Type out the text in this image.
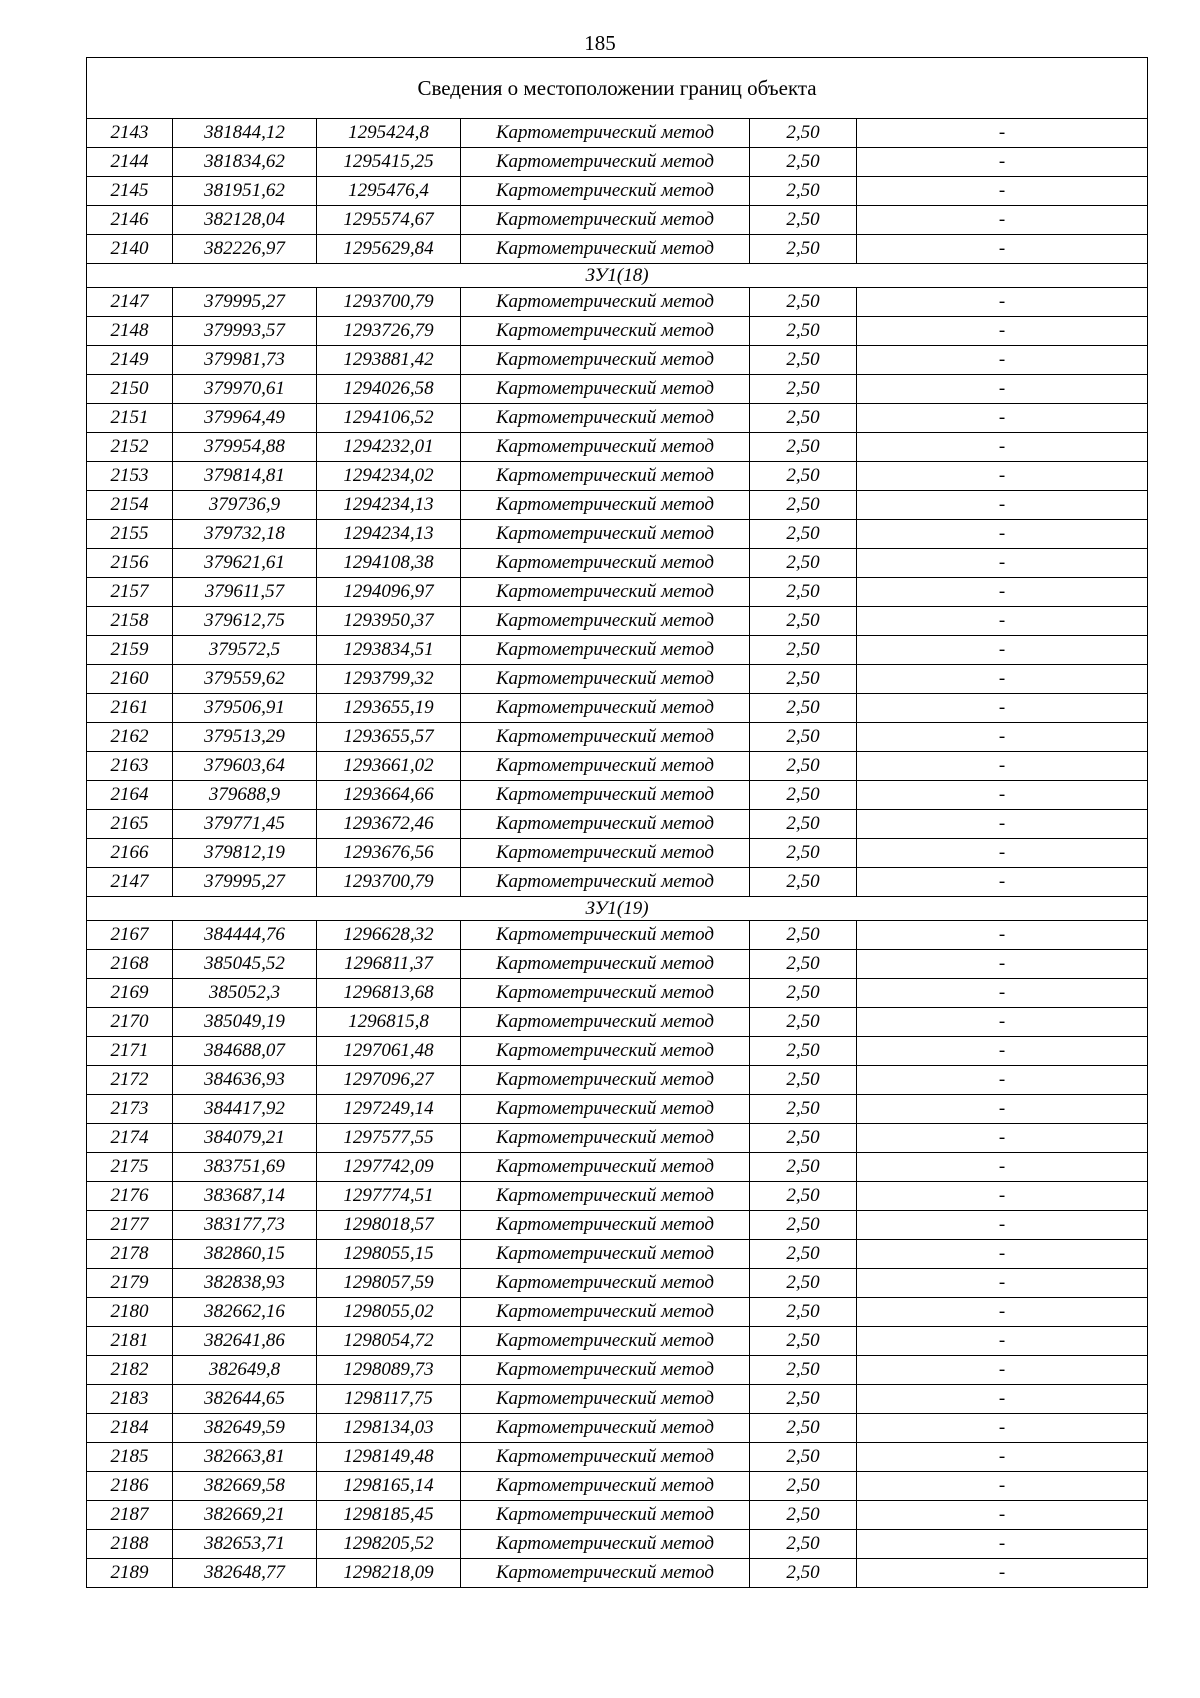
185
Сведения о местоположении границ объекта					
2143	381844,12	1295424,8	Картометрический метод	2,50	-
2144	381834,62	1295415,25	Картометрический метод	2,50	-
2145	381951,62	1295476,4	Картометрический метод	2,50	-
2146	382128,04	1295574,67	Картометрический метод	2,50	-
2140	382226,97	1295629,84	Картометрический метод	2,50	-
ЗУ1(18)					
2147	379995,27	1293700,79	Картометрический метод	2,50	-
2148	379993,57	1293726,79	Картометрический метод	2,50	-
2149	379981,73	1293881,42	Картометрический метод	2,50	-
2150	379970,61	1294026,58	Картометрический метод	2,50	-
2151	379964,49	1294106,52	Картометрический метод	2,50	-
2152	379954,88	1294232,01	Картометрический метод	2,50	-
2153	379814,81	1294234,02	Картометрический метод	2,50	-
2154	379736,9	1294234,13	Картометрический метод	2,50	-
2155	379732,18	1294234,13	Картометрический метод	2,50	-
2156	379621,61	1294108,38	Картометрический метод	2,50	-
2157	379611,57	1294096,97	Картометрический метод	2,50	-
2158	379612,75	1293950,37	Картометрический метод	2,50	-
2159	379572,5	1293834,51	Картометрический метод	2,50	-
2160	379559,62	1293799,32	Картометрический метод	2,50	-
2161	379506,91	1293655,19	Картометрический метод	2,50	-
2162	379513,29	1293655,57	Картометрический метод	2,50	-
2163	379603,64	1293661,02	Картометрический метод	2,50	-
2164	379688,9	1293664,66	Картометрический метод	2,50	-
2165	379771,45	1293672,46	Картометрический метод	2,50	-
2166	379812,19	1293676,56	Картометрический метод	2,50	-
2147	379995,27	1293700,79	Картометрический метод	2,50	-
ЗУ1(19)					
2167	384444,76	1296628,32	Картометрический метод	2,50	-
2168	385045,52	1296811,37	Картометрический метод	2,50	-
2169	385052,3	1296813,68	Картометрический метод	2,50	-
2170	385049,19	1296815,8	Картометрический метод	2,50	-
2171	384688,07	1297061,48	Картометрический метод	2,50	-
2172	384636,93	1297096,27	Картометрический метод	2,50	-
2173	384417,92	1297249,14	Картометрический метод	2,50	-
2174	384079,21	1297577,55	Картометрический метод	2,50	-
2175	383751,69	1297742,09	Картометрический метод	2,50	-
2176	383687,14	1297774,51	Картометрический метод	2,50	-
2177	383177,73	1298018,57	Картометрический метод	2,50	-
2178	382860,15	1298055,15	Картометрический метод	2,50	-
2179	382838,93	1298057,59	Картометрический метод	2,50	-
2180	382662,16	1298055,02	Картометрический метод	2,50	-
2181	382641,86	1298054,72	Картометрический метод	2,50	-
2182	382649,8	1298089,73	Картометрический метод	2,50	-
2183	382644,65	1298117,75	Картометрический метод	2,50	-
2184	382649,59	1298134,03	Картометрический метод	2,50	-
2185	382663,81	1298149,48	Картометрический метод	2,50	-
2186	382669,58	1298165,14	Картометрический метод	2,50	-
2187	382669,21	1298185,45	Картометрический метод	2,50	-
2188	382653,71	1298205,52	Картометрический метод	2,50	-
2189	382648,77	1298218,09	Картометрический метод	2,50	-
